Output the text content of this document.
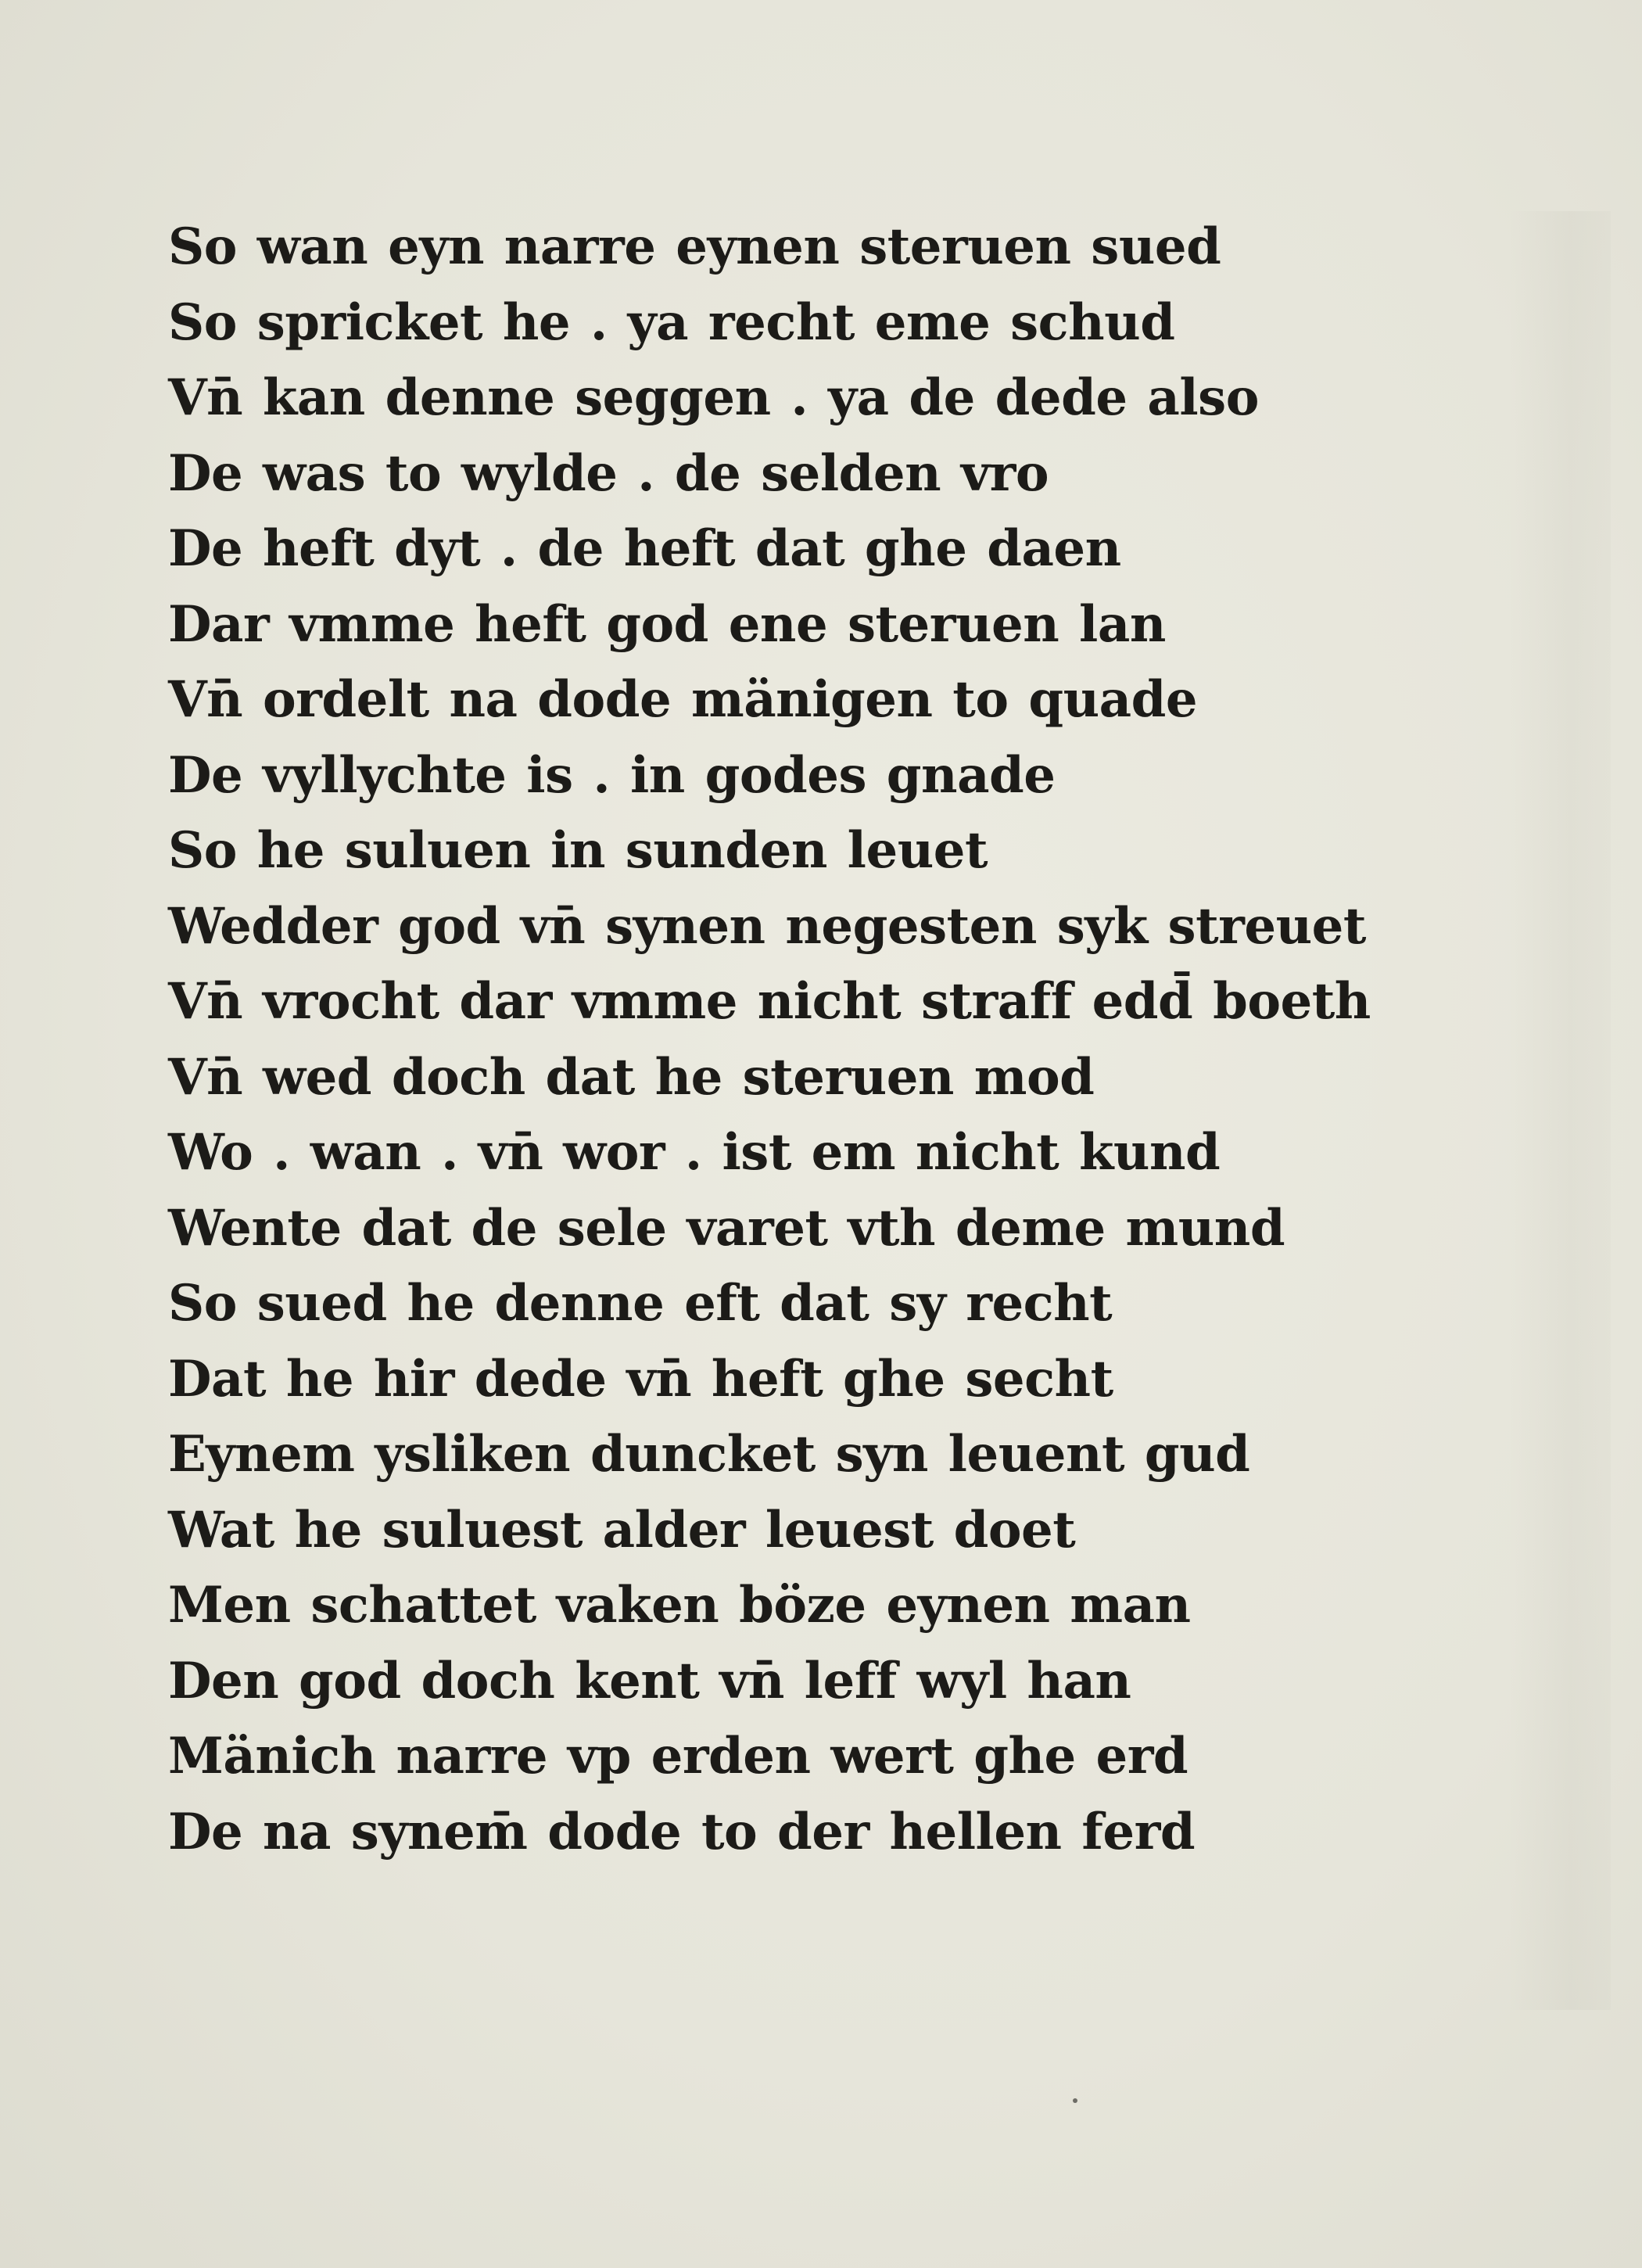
So wan eyn narre eynen steruen sued
So spricket he . ya recht eme schud
Vn̄ kan denne seggen . ya de dede also
De was to wylde . de selden vro
De heft dyt . de heft dat ghe daen
Dar vmme heft god ene steruen lan
Vn̄ ordelt na dode mänigen to quade
De vyllychte is . in godes gnade
So he suluen in sunden leuet
Wedder god vn̄ synen negesten syk streuet
Vn̄ vrocht dar vmme nicht straff edd̄ boeth
Vn̄ wed doch dat he steruen mod
Wo . wan . vn̄ wor . ist em nicht kund
Wente dat de sele varet vth deme mund
So sued he denne eft dat sy recht
Dat he hir dede vn̄ heft ghe secht
Eynem ysliken duncket syn leuent gud
Wat he suluest alder leuest doet
Men schattet vaken böze eynen man
Den god doch kent vn̄ leff wyl han
Mänich narre vp erden wert ghe erd
De na synem̄ dode to der hellen ferd
